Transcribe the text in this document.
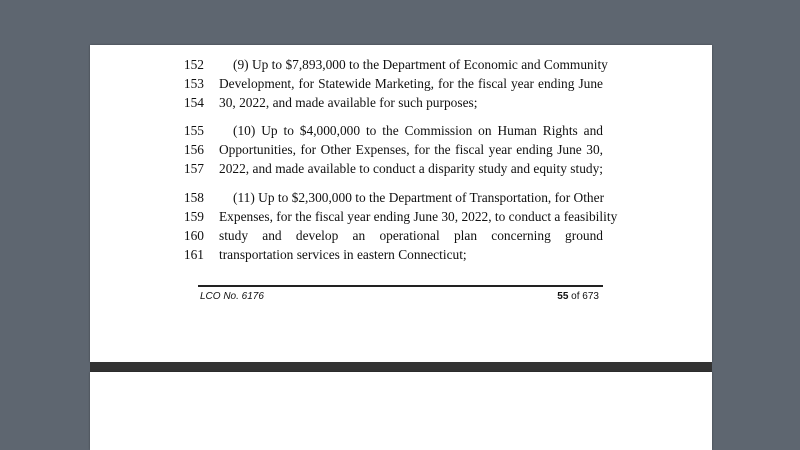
152	(9) Up to $7,893,000 to the Department of Economic and Community
153 Development, for Statewide Marketing, for the fiscal year ending June
154 30, 2022, and made available for such purposes;
155	(10) Up to $4,000,000 to the Commission on Human Rights and
156 Opportunities, for Other Expenses, for the fiscal year ending June 30,
157 2022, and made available to conduct a disparity study and equity study;
158	(11) Up to $2,300,000 to the Department of Transportation, for Other
159 Expenses, for the fiscal year ending June 30, 2022, to conduct a feasibility
160 study and develop an operational plan concerning ground
161 transportation services in eastern Connecticut;
LCO No. 6176	55 of 673
